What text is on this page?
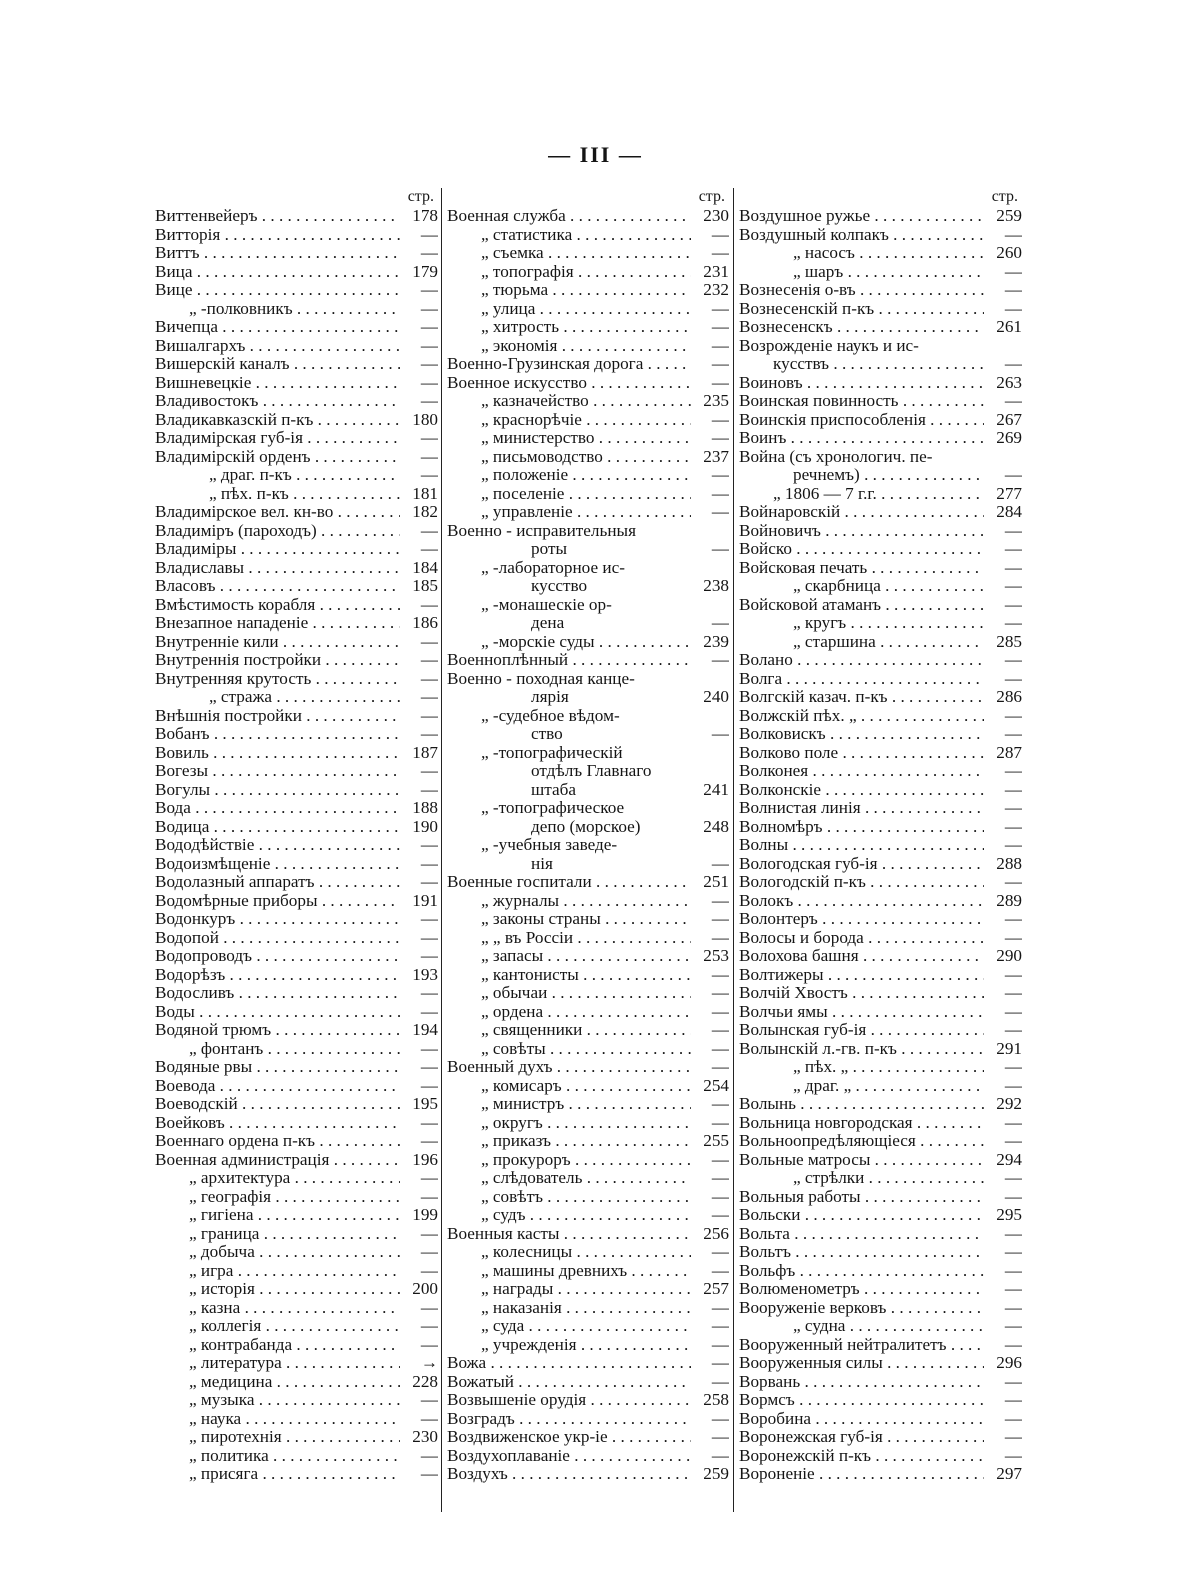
— III —
стр.
Виттенвейеръ . . .	178
Витторія . . .	—
Виттъ . . .	—
Вица . . .	179
Вице . . .	—
„ -полковникъ . . .	—
Вичепца . . .	—
Вишалгархъ . . .	—
Вишерскій каналъ . . .	—
Вишневецкіе . . .	—
Владивостокъ . . .	—
Владикавказскій п-къ . . .	180
Владимірская губ-ія . . .	—
Владимірскій орденъ . . .	—
„ драг. п-къ . . .	—
„ пѣх. п-къ . . .	181
Владимірское вел. кн-во . . .	182
Владиміръ (пароходъ) . . .	—
Владиміры . . .	—
Владиславы . . .	184
Власовъ . . .	185
Вмѣстимость корабля . . .	—
Внезапное нападеніе . . .	186
Внутренніе кили . . .	—
Внутреннія постройки . . .	—
Внутренняя крутость . . .	—
„ стража . . .	—
Внѣшнія постройки . . .	—
Вобанъ . . .	—
Вовиль . . .	187
Вогезы . . .	—
Вогулы . . .	—
Вода . . .	188
Водица . . .	190
Вододѣйствіе . . .	—
Водоизмѣщеніе . . .	—
Водолазный аппаратъ . . .	—
Водомѣрные приборы . . .	191
Водонкуръ . . .	—
Водопой . . .	—
Водопроводъ . . .	—
Водорѣзъ . . .	193
Водосливъ . . .	—
Воды . . .	—
Водяной трюмъ . . .	194
„ фонтанъ . . .	—
Водяные рвы . . .	—
Воевода . . .	—
Воеводскій . . .	195
Воейковъ . . .	—
Военнаго ордена п-къ . . .	—
Военная администрація . . .	196
„ архитектура . . .	—
„ географія . . .	—
„ гигіена . . .	199
„ граница . . .	—
„ добыча . . .	—
„ игра . . .	—
„ исторія . . .	200
„ казна . . .	—
„ коллегія . . .	—
„ контрабанда . . .	—
„ литература . . .	→
„ медицина . . .	228
„ музыка . . .	—
„ наука . . .	—
„ пиротехнія . . .	230
„ политика . . .	—
„ присяга . . .	—
стр.
Военная служба . . .	230
„ статистика . . .	—
„ съемка . . .	—
„ топографія . . .	231
„ тюрьма . . .	232
„ улица . . .	—
„ хитрость . . .	—
„ экономія . . .	—
Военно-Грузинская дорога . . .	—
Военное искусство . . .	—
„ казначейство . . .	235
„ краснорѣчіе . . .	—
„ министерство . . .	—
„ письмоводство . . .	237
„ положеніе . . .	—
„ поселеніе . . .	—
„ управленіе . . .	—
Военно - исправительныя
роты	—
„ -лабораторное ис-
кусство	238
„ -монашескіе ор-
дена	—
„ -морскіе суды . . .	239
Военноплѣнный . . .	—
Военно - походная канце-
лярія	240
„ -судебное вѣдом-
ство	—
„ -топографическій
отдѣлъ Главнаго
штаба	241
„ -топографическое
депо (морское)	248
„ -учебныя заведе-
нія	—
Военные госпитали . . .	251
„ журналы . . .	—
„ законы страны . . .	—
„ „ въ Россіи . . .	—
„ запасы . . .	253
„ кантонисты . . .	—
„ обычаи . . .	—
„ ордена . . .	—
„ священники . . .	—
„ совѣты . . .	—
Военный духъ . . .	—
„ комисаръ . . .	254
„ министръ . . .	—
„ округъ . . .	—
„ приказъ . . .	255
„ прокуроръ . . .	—
„ слѣдователь . . .	—
„ совѣтъ . . .	—
„ судъ . . .	—
Военныя касты . . .	256
„ колесницы . . .	—
„ машины древнихъ . . .	—
„ награды . . .	257
„ наказанія . . .	—
„ суда . . .	—
„ учрежденія . . .	—
Вожа . . .	—
Вожатый . . .	—
Возвышеніе орудія . . .	258
Возградъ . . .	—
Воздвиженское укр-іе . . .	—
Воздухоплаваніе . . .	—
Воздухъ . . .	259
стр.
Воздушное ружье . . .	259
Воздушный колпакъ . . .	—
„ насосъ . . .	260
„ шаръ . . .	—
Вознесенія о-въ . . .	—
Вознесенскій п-къ . . .	—
Вознесенскъ . . .	261
Возрожденіе наукъ и ис-
кусствъ . . .	—
Воиновъ . . .	263
Воинская повинность . . .	—
Воинскія приспособленія . . .	267
Воинъ . . .	269
Война (съ хронологич. пе-
речнемъ) . . .	—
„ 1806 — 7 г.г. . . .	277
Войнаровскій . . .	284
Войновичъ . . .	—
Войско . . .	—
Войсковая печать . . .	—
„ скарбница . . .	—
Войсковой атаманъ . . .	—
„ кругъ . . .	—
„ старшина . . .	285
Волано . . .	—
Волга . . .	—
Волгскій казач. п-къ . . .	286
Волжскій пѣх. „ . . .	—
Волковискъ . . .	—
Волково поле . . .	287
Волконея . . .	—
Волконскіе . . .	—
Волнистая линія . . .	—
Волномѣръ . . .	—
Волны . . .	—
Вологодская губ-ія . . .	288
Вологодскій п-къ . . .	—
Волокъ . . .	289
Волонтеръ . . .	—
Волосы и борода . . .	—
Волохова башня . . .	290
Волтижеры . . .	—
Волчій Хвостъ . . .	—
Волчьи ямы . . .	—
Волынская губ-ія . . .	—
Волынскій л.-гв. п-къ . . .	291
„ пѣх. „ . . .	—
„ драг. „ . . .	—
Волынь . . .	292
Вольница новгородская . . .	—
Вольноопредѣляющіеся . . .	—
Вольные матросы . . .	294
„ стрѣлки . . .	—
Вольныя работы . . .	—
Вольски . . .	295
Вольта . . .	—
Вольтъ . . .	—
Вольфъ . . .	—
Волюменометръ . . .	—
Вооруженіе верковъ . . .	—
„ судна . . .	—
Вооруженный нейтралитетъ . . .	—
Вооруженныя силы . . .	296
Ворвань . . .	—
Вормсъ . . .	—
Воробина . . .	—
Воронежская губ-ія . . .	—
Воронежскій п-къ . . .	—
Вороненіе . . .	297
